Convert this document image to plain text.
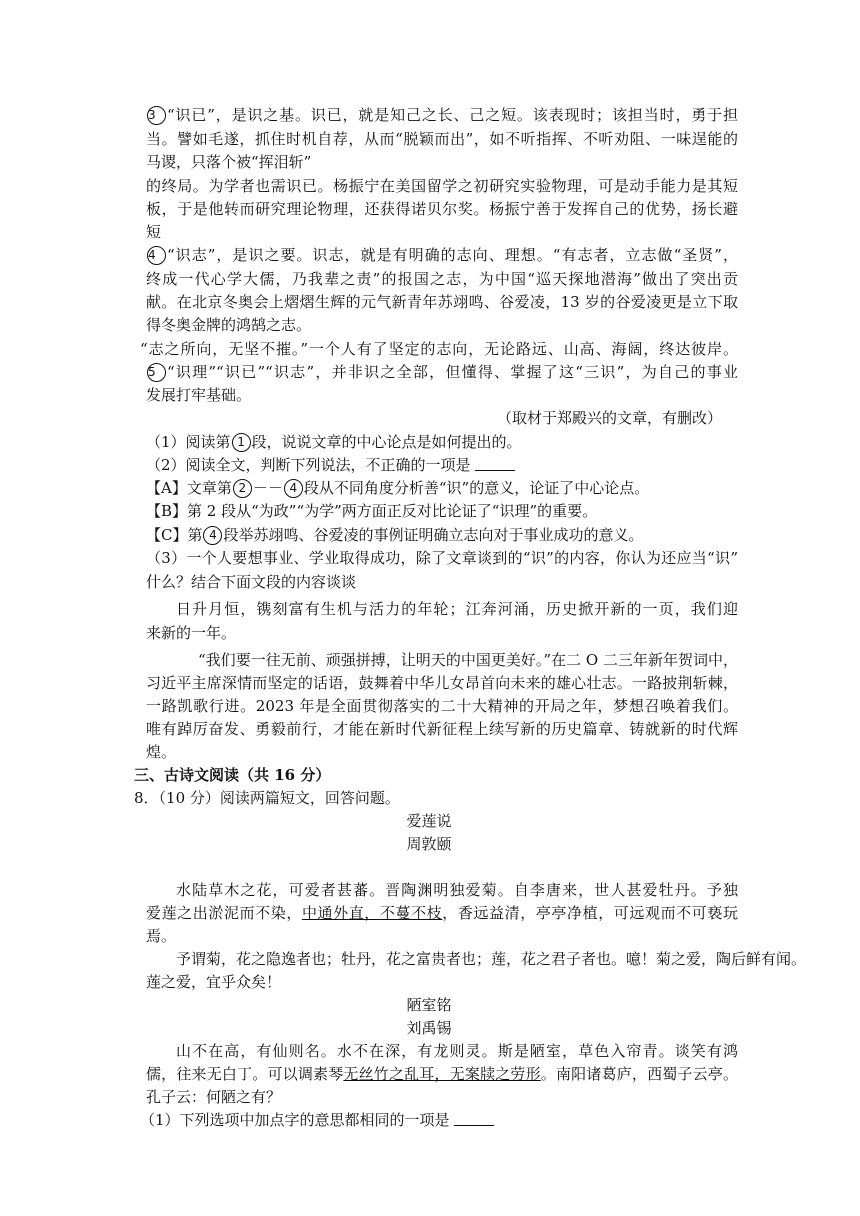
3 “识已”，是识之基。识已，就是知己之长、己之短。该表现时；该担当时，勇于担
当。譬如毛遂，抓住时机自荐，从而“脱颖而出”，如不听指挥、不听劝阻、一味逞能的
马谡，只落个被“挥泪斩”
的终局。为学者也需识已。杨振宁在美国留学之初研究实验物理，可是动手能力是其短
板，于是他转而研究理论物理，还获得诺贝尔奖。杨振宁善于发挥自己的优势，扬长避
短
4 “识志”，是识之要。识志，就是有明确的志向、理想。“有志者，立志做“圣贤”，
终成一代心学大儒，乃我辈之责”的报国之志，为中国“巡天探地潜海”做出了突出贡
献。在北京冬奥会上熠熠生辉的元气新青年苏翊鸣、谷爱凌，13 岁的谷爱凌更是立下取
得冬奥金牌的鸿鹄之志。
“志之所向，无坚不摧。”一个人有了坚定的志向，无论路远、山高、海阔，终达彼岸。
5 “识理”“识已”“识志”，并非识之全部，但懂得、掌握了这“三识”，为自己的事业
发展打牢基础。
（取材于郑殿兴的文章，有删改）
（1）阅读第 1 段，说说文章的中心论点是如何提出的。
（2）阅读全文，判断下列说法，不正确的一项是
【A】文章第 2 －－ 4 段从不同角度分析善“识”的意义，论证了中心论点。
【B】第 2 段从“为政”“为学”两方面正反对比论证了“识理”的重要。
【C】第 4 段举苏翊鸣、谷爱凌的事例证明确立志向对于事业成功的意义。
（3）一个人要想事业、学业取得成功，除了文章谈到的“识”的内容，你认为还应当“识”
什么？结合下面文段的内容谈谈
日升月恒，镌刻富有生机与活力的年轮；江奔河涌，历史掀开新的一页，我们迎
来新的一年。
“我们要一往无前、顽强拼搏，让明天的中国更美好。”在二 O 二三年新年贺词中，
习近平主席深情而坚定的话语，鼓舞着中华儿女昂首向未来的雄心壮志。一路披荆斩棘，
一路凯歌行进。2023 年是全面贯彻落实的二十大精神的开局之年，梦想召唤着我们。
唯有踔厉奋发、勇毅前行，才能在新时代新征程上续写新的历史篇章、铸就新的时代辉
煌。
三、古诗文阅读（共 16 分）
8．（10 分）阅读两篇短文，回答问题。
爱莲说
周敦颐
水陆草木之花，可爱者甚蕃。晋陶渊明独爱菊。自李唐来，世人甚爱牡丹。予独
爱莲之出淤泥而不染，中通外直，不蔓不枝，香远益清，亭亭净植，可远观而不可亵玩
焉。
予谓菊，花之隐逸者也；牡丹，花之富贵者也；莲，花之君子者也。噫！菊之爱，陶后鲜有闻。
莲之爱，宜乎众矣！
陋室铭
刘禹锡
山不在高，有仙则名。水不在深，有龙则灵。斯是陋室，草色入帘青。谈笑有鸿
儒，往来无白丁。可以调素琴无丝竹之乱耳，无案牍之劳形。南阳诸葛庐，西蜀子云亭。
孔子云：何陋之有？
（1）下列选项中加点字的意思都相同的一项是
